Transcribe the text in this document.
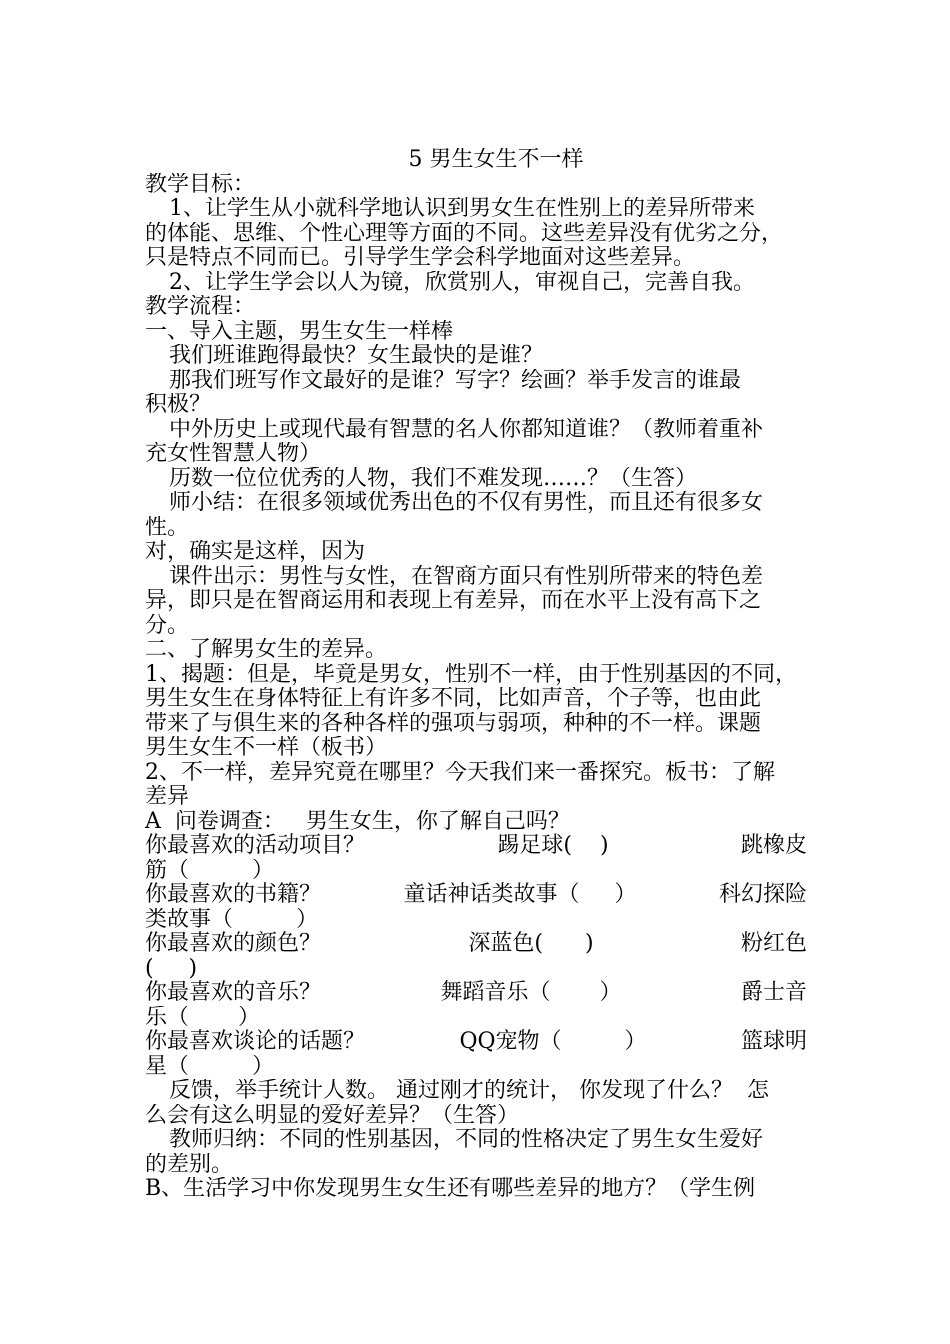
5 男生女生不一样
教学目标：
1、让学生从小就科学地认识到男女生在性别上的差异所带来
的体能、思维、个性心理等方面的不同。这些差异没有优劣之分，
只是特点不同而已。引导学生学会科学地面对这些差异。
2、让学生学会以人为镜，欣赏别人，审视自己，完善自我。
教学流程：
一、导入主题，男生女生一样棒
我们班谁跑得最快？女生最快的是谁？
那我们班写作文最好的是谁？写字？绘画？举手发言的谁最
积极？
中外历史上或现代最有智慧的名人你都知道谁？（教师着重补
充女性智慧人物）
历数一位位优秀的人物，我们不难发现……？（生答）
师小结：在很多领域优秀出色的不仅有男性，而且还有很多女
性。
对，确实是这样，因为
课件出示：男性与女性，在智商方面只有性别所带来的特色差
异，即只是在智商运用和表现上有差异，而在水平上没有高下之
分。
二、了解男女生的差异。
1、揭题：但是，毕竟是男女，性别不一样，由于性别基因的不同，
男生女生在身体特征上有许多不同，比如声音，个子等，也由此
带来了与俱生来的各种各样的强项与弱项，种种的不一样。课题
男生女生不一样（板书）
2、不一样，差异究竟在哪里？今天我们来一番探究。板书：了解
差异
A  问卷调查：   男生女生，你了解自己吗？
你最喜欢的活动项目？	踢足球(    )	跳橡皮
筋（         ）
你最喜欢的书籍？	童话神话类故事（     ）	科幻探险
类故事（         ）
你最喜欢的颜色？	深蓝色(      )	粉红色
(     )
你最喜欢的音乐？	舞蹈音乐（       ）	爵士音
乐（       ）
你最喜欢谈论的话题？	QQ宠物（         ）	篮球明
星（         ）
反馈，举手统计人数。 通过刚才的统计， 你发现了什么？  怎
么会有这么明显的爱好差异？（生答）
教师归纳：不同的性别基因，不同的性格决定了男生女生爱好
的差别。
B、生活学习中你发现男生女生还有哪些差异的地方？（学生例
